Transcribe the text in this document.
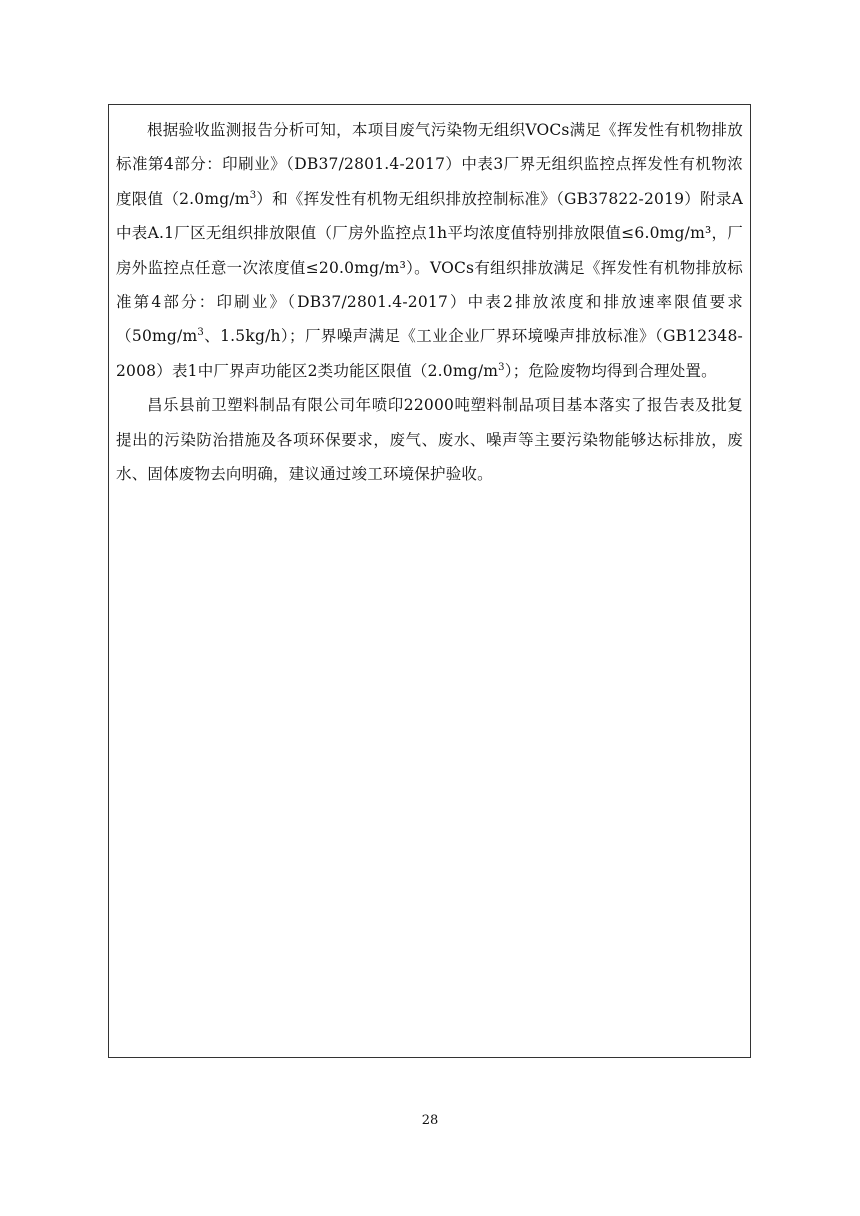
根据验收监测报告分析可知，本项目废气污染物无组织VOCs满足《挥发性有机物排放标准第4部分：印刷业》（DB37/2801.4-2017）中表3厂界无组织监控点挥发性有机物浓度限值$(2.0mg/m^3)$和《挥发性有机物无组织排放控制标准》（GB37822-2019）附录A中表A.1厂区无组织排放限值（厂房外监控点1h平均浓度值特别排放限值≤6.0mg/m³，厂房外监控点任意一次浓度值≤20.0mg/m³）。VOCs有组织排放满足《挥发性有机物排放标准第4部分：印刷业》（DB37/2801.4-2017）中表2排放浓度和排放速率限值要求（$50mg/m^3$、1.5kg/h）；厂界噪声满足《工业企业厂界环境噪声排放标准》（GB12348-2008）表1中厂界声功能区2类功能区限值$(2.0mg/m^3)$；危险废物均得到合理处置。

昌乐县前卫塑料制品有限公司年喷印22000吨塑料制品项目基本落实了报告表及批复提出的污染防治措施及各项环保要求，废气、废水、噪声等主要污染物能够达标排放，废水、固体废物去向明确，建议通过竣工环境保护验收。

28
